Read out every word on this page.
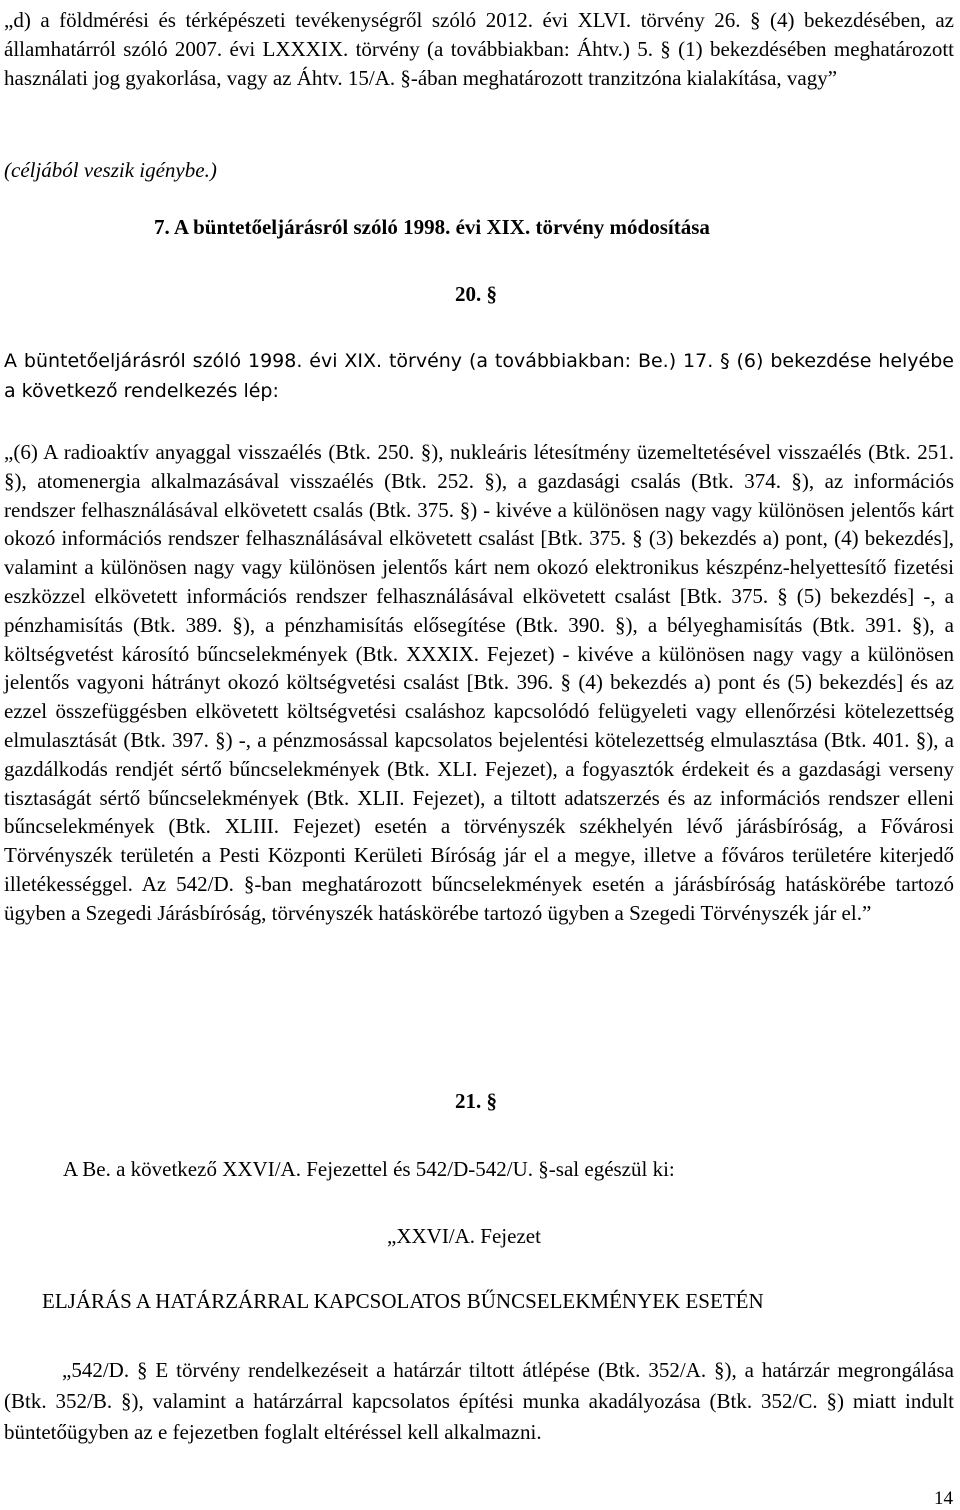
„d) a földmérési és térképészeti tevékenységről szóló 2012. évi XLVI. törvény 26. § (4) bekezdésében, az államhatárról szóló 2007. évi LXXXIX. törvény (a továbbiakban: Áhtv.) 5. § (1) bekezdésében meghatározott használati jog gyakorlása, vagy az Áhtv. 15/A. §-ában meghatározott tranzitzóna kialakítása, vagy”

(céljából veszik igénybe.)

7. A büntetőeljárásról szóló 1998. évi XIX. törvény módosítása

20. §

A büntetőeljárásról szóló 1998. évi XIX. törvény (a továbbiakban: Be.) 17. § (6) bekezdése helyébe a következő rendelkezés lép:

„(6) A radioaktív anyaggal visszaélés (Btk. 250. §), nukleáris létesítmény üzemeltetésével visszaélés (Btk. 251. §), atomenergia alkalmazásával visszaélés (Btk. 252. §), a gazdasági csalás (Btk. 374. §), az információs rendszer felhasználásával elkövetett csalás (Btk. 375. §) - kivéve a különösen nagy vagy különösen jelentős kárt okozó információs rendszer felhasználásával elkövetett csalást [Btk. 375. § (3) bekezdés a) pont, (4) bekezdés], valamint a különösen nagy vagy különösen jelentős kárt nem okozó elektronikus készpénz-helyettesítő fizetési eszközzel elkövetett információs rendszer felhasználásával elkövetett csalást [Btk. 375. § (5) bekezdés] -, a pénzhamisítás (Btk. 389. §), a pénzhamisítás elősegítése (Btk. 390. §), a bélyeghamisítás (Btk. 391. §), a költségvetést károsító bűncselekmények (Btk. XXXIX. Fejezet) - kivéve a különösen nagy vagy a különösen jelentős vagyoni hátrányt okozó költségvetési csalást [Btk. 396. § (4) bekezdés a) pont és (5) bekezdés] és az ezzel összefüggésben elkövetett költségvetési csaláshoz kapcsolódó felügyeleti vagy ellenőrzési kötelezettség elmulasztását (Btk. 397. §) -, a pénzmosással kapcsolatos bejelentési kötelezettség elmulasztása (Btk. 401. §), a gazdálkodás rendjét sértő bűncselekmények (Btk. XLI. Fejezet), a fogyasztók érdekeit és a gazdasági verseny tisztaságát sértő bűncselekmények (Btk. XLII. Fejezet), a tiltott adatszerzés és az információs rendszer elleni bűncselekmények (Btk. XLIII. Fejezet) esetén a törvényszék székhelyén lévő járásbíróság, a Fővárosi Törvényszék területén a Pesti Központi Kerületi Bíróság jár el a megye, illetve a főváros területére kiterjedő illetékességgel. Az 542/D. §-ban meghatározott bűncselekmények esetén a járásbíróság hatáskörébe tartozó ügyben a Szegedi Járásbíróság, törvényszék hatáskörébe tartozó ügyben a Szegedi Törvényszék jár el.”

21. §

A Be. a következő XXVI/A. Fejezettel és 542/D-542/U. §-sal egészül ki:

„XXVI/A. Fejezet

ELJÁRÁS A HATÁRZÁRRAL KAPCSOLATOS BŰNCSELEKMÉNYEK ESETÉN

„542/D. § E törvény rendelkezéseit a határzár tiltott átlépése (Btk. 352/A. §), a határzár megrongálása (Btk. 352/B. §), valamint a határzárral kapcsolatos építési munka akadályozása (Btk. 352/C. §) miatt indult büntetőügyben az e fejezetben foglalt eltéréssel kell alkalmazni.

14
